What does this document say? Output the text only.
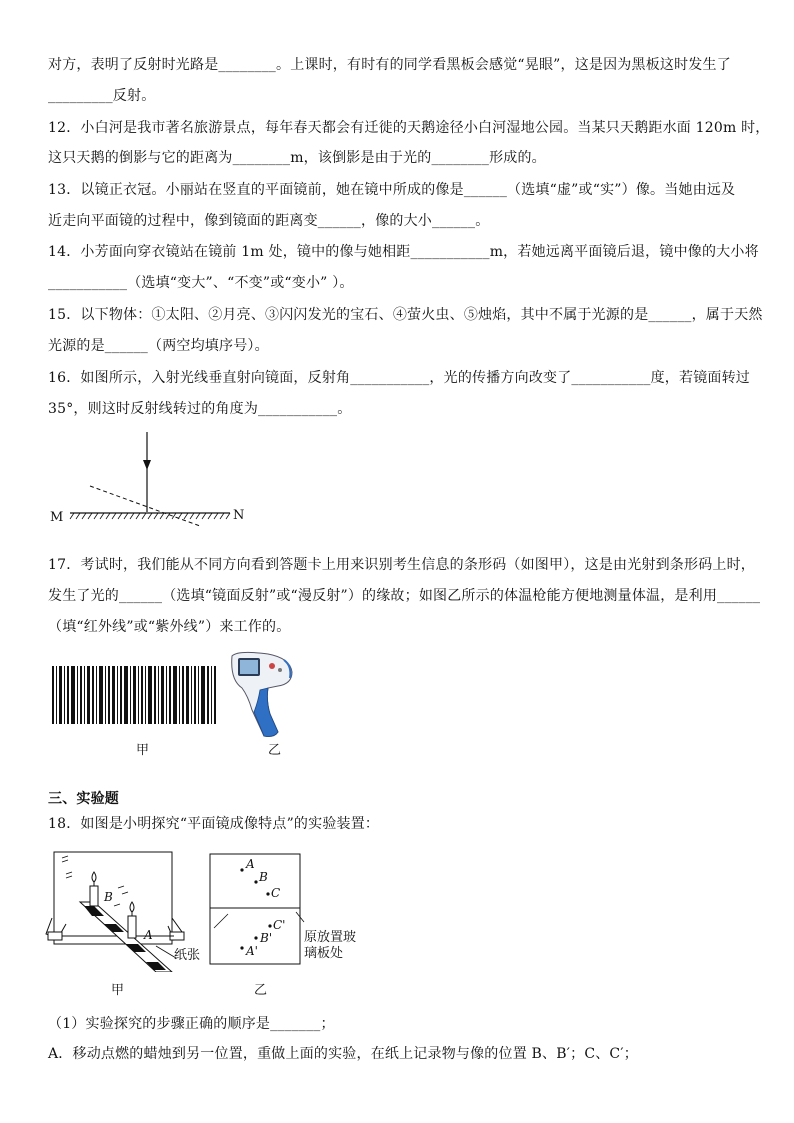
对方，表明了反射时光路是________。上课时，有时有的同学看黑板会感觉“晃眼”，这是因为黑板这时发生了
_________反射。
12．小白河是我市著名旅游景点，每年春天都会有迁徙的天鹅途径小白河湿地公园。当某只天鹅距水面 120m 时，
这只天鹅的倒影与它的距离为________m，该倒影是由于光的________形成的。
13．以镜正衣冠。小丽站在竖直的平面镜前，她在镜中所成的像是______（选填“虚”或“实”）像。当她由远及
近走向平面镜的过程中，像到镜面的距离变______，像的大小______。
14．小芳面向穿衣镜站在镜前 1m 处，镜中的像与她相距___________m，若她远离平面镜后退，镜中像的大小将
___________（选填“变大”、“不变”或“变小” ）。
15．以下物体：①太阳、②月亮、③闪闪发光的宝石、④萤火虫、⑤烛焰，其中不属于光源的是______，属于天然
光源的是______（两空均填序号）。
16．如图所示，入射光线垂直射向镜面，反射角___________，光的传播方向改变了___________度，若镜面转过
35°，则这时反射线转过的角度为___________。
M	N
17．考试时，我们能从不同方向看到答题卡上用来识别考生信息的条形码（如图甲），这是由光射到条形码上时，
发生了光的______（选填“镜面反射”或“漫反射”）的缘故；如图乙所示的体温枪能方便地测量体温，是利用______
（填“红外线”或“紫外线”）来工作的。
甲	乙
三、实验题
18．如图是小明探究“平面镜成像特点”的实验装置：
B
A
纸张
A
B
C
C'
B'
A'
原放置玻
璃板处
甲	乙
（1）实验探究的步骤正确的顺序是_______；
A．移动点燃的蜡烛到另一位置，重做上面的实验，在纸上记录物与像的位置 B、B′；C、C′；
